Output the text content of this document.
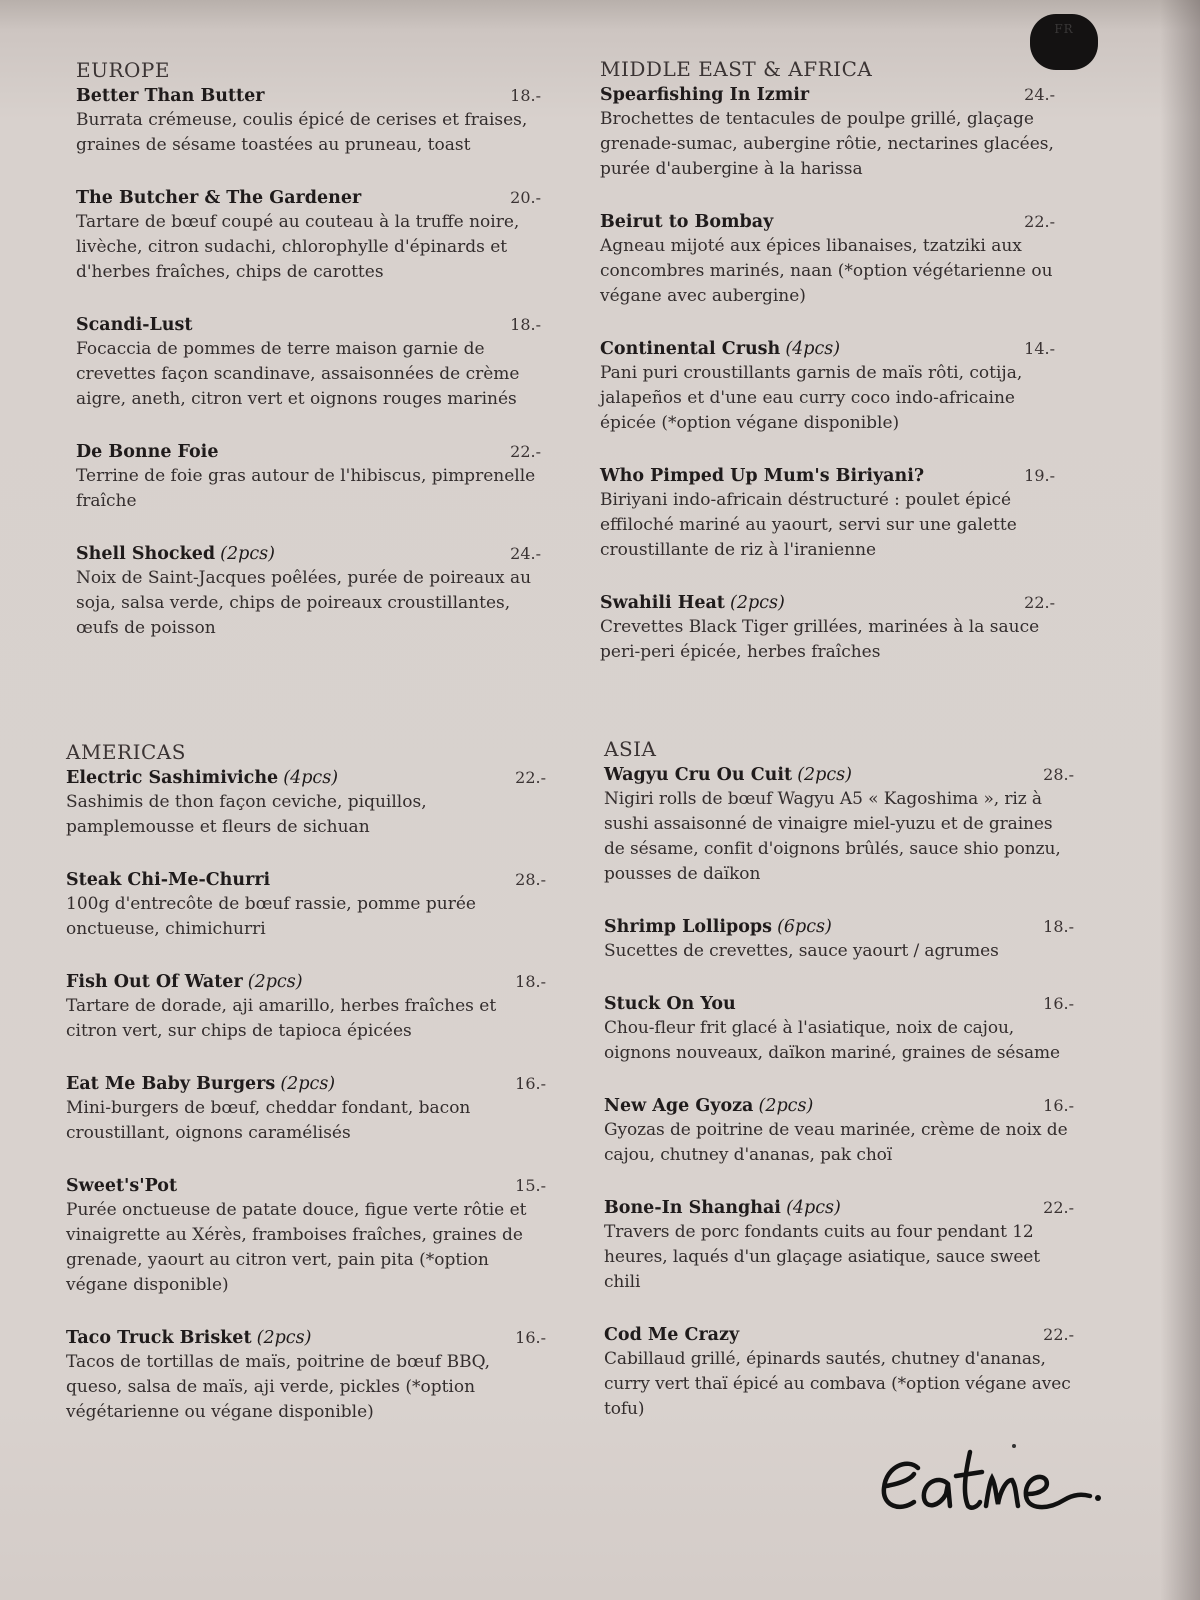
FR
EUROPE
Better Than Butter	18.-
Burrata crémeuse, coulis épicé de cerises et fraises, graines de sésame toastées au pruneau, toast
The Butcher & The Gardener	20.-
Tartare de bœuf coupé au couteau à la truffe noire, livèche, citron sudachi, chlorophylle d'épinards et d'herbes fraîches, chips de carottes
Scandi-Lust	18.-
Focaccia de pommes de terre maison garnie de crevettes façon scandinave, assaisonnées de crème aigre, aneth, citron vert et oignons rouges marinés
De Bonne Foie	22.-
Terrine de foie gras autour de l'hibiscus, pimprenelle fraîche
Shell Shocked (2pcs)	24.-
Noix de Saint-Jacques poêlées, purée de poireaux au soja, salsa verde, chips de poireaux croustillantes, œufs de poisson
MIDDLE EAST & AFRICA
Spearfishing In Izmir	24.-
Brochettes de tentacules de poulpe grillé, glaçage grenade-sumac, aubergine rôtie, nectarines glacées, purée d'aubergine à la harissa
Beirut to Bombay	22.-
Agneau mijoté aux épices libanaises, tzatziki aux concombres marinés, naan (*option végétarienne ou végane avec aubergine)
Continental Crush (4pcs)	14.-
Pani puri croustillants garnis de maïs rôti, cotija, jalapeños et d'une eau curry coco indo-africaine épicée (*option végane disponible)
Who Pimped Up Mum's Biriyani?	19.-
Biriyani indo-africain déstructuré : poulet épicé effiloché mariné au yaourt, servi sur une galette croustillante de riz à l'iranienne
Swahili Heat (2pcs)	22.-
Crevettes Black Tiger grillées, marinées à la sauce peri-peri épicée, herbes fraîches
AMERICAS
Electric Sashimiviche (4pcs)	22.-
Sashimis de thon façon ceviche, piquillos, pamplemousse et fleurs de sichuan
Steak Chi-Me-Churri	28.-
100g d'entrecôte de bœuf rassie, pomme purée onctueuse, chimichurri
Fish Out Of Water (2pcs)	18.-
Tartare de dorade, aji amarillo, herbes fraîches et citron vert, sur chips de tapioca épicées
Eat Me Baby Burgers (2pcs)	16.-
Mini-burgers de bœuf, cheddar fondant, bacon croustillant, oignons caramélisés
Sweet's'Pot	15.-
Purée onctueuse de patate douce, figue verte rôtie et vinaigrette au Xérès, framboises fraîches, graines de grenade, yaourt au citron vert, pain pita (*option végane disponible)
Taco Truck Brisket (2pcs)	16.-
Tacos de tortillas de maïs, poitrine de bœuf BBQ, queso, salsa de maïs, aji verde, pickles (*option végétarienne ou végane disponible)
ASIA
Wagyu Cru Ou Cuit (2pcs)	28.-
Nigiri rolls de bœuf Wagyu A5 « Kagoshima », riz à sushi assaisonné de vinaigre miel-yuzu et de graines de sésame, confit d'oignons brûlés, sauce shio ponzu, pousses de daïkon
Shrimp Lollipops (6pcs)	18.-
Sucettes de crevettes, sauce yaourt / agrumes
Stuck On You	16.-
Chou-fleur frit glacé à l'asiatique, noix de cajou, oignons nouveaux, daïkon mariné, graines de sésame
New Age Gyoza (2pcs)	16.-
Gyozas de poitrine de veau marinée, crème de noix de cajou, chutney d'ananas, pak choï
Bone-In Shanghai (4pcs)	22.-
Travers de porc fondants cuits au four pendant 12 heures, laqués d'un glaçage asiatique, sauce sweet chili
Cod Me Crazy	22.-
Cabillaud grillé, épinards sautés, chutney d'ananas, curry vert thaï épicé au combava (*option végane avec tofu)
